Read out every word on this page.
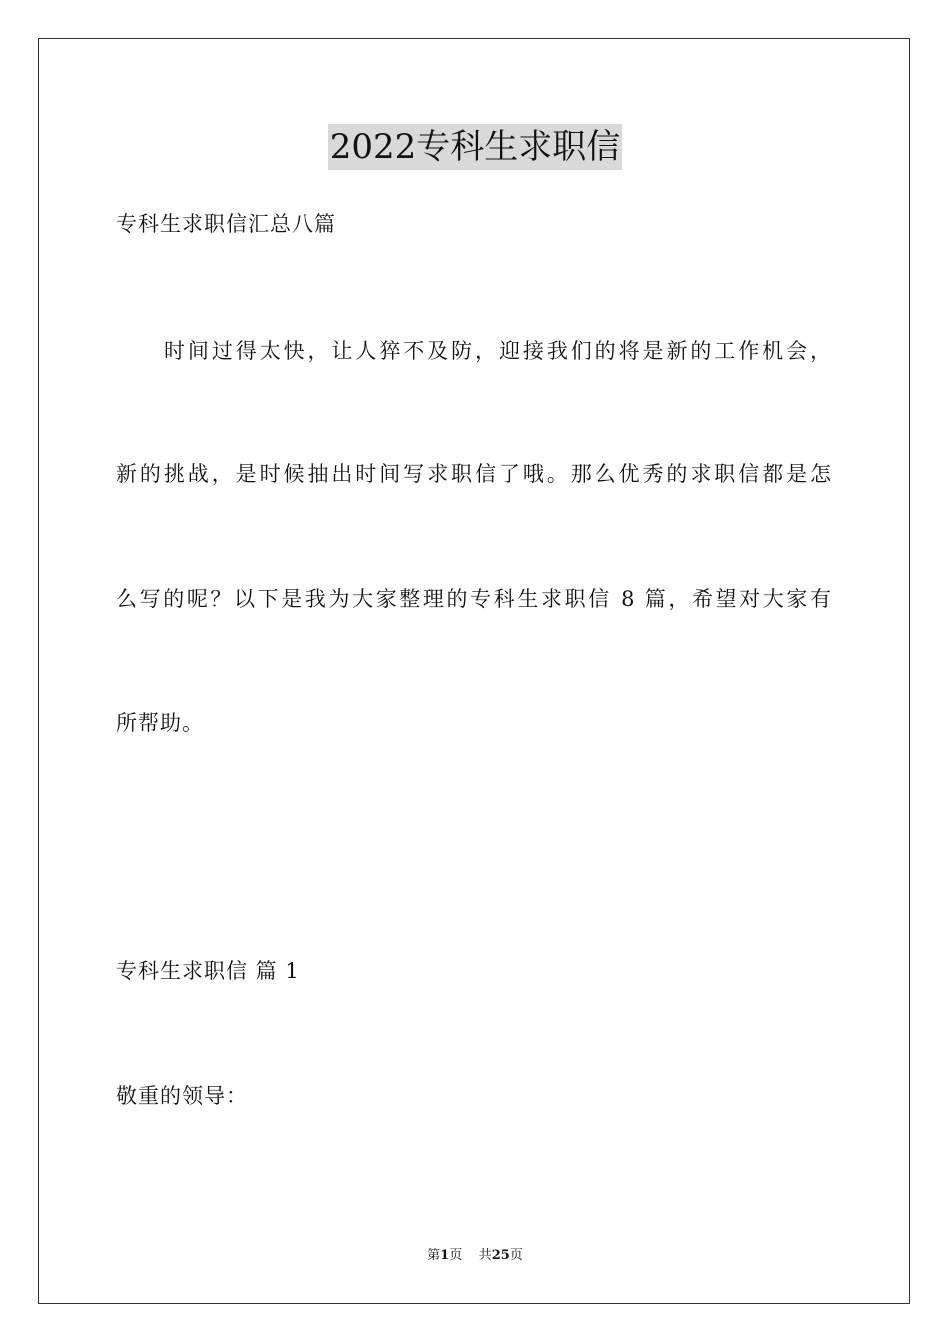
2022专科生求职信
专科生求职信汇总八篇
时间过得太快，让人猝不及防，迎接我们的将是新的工作机会，
新的挑战，是时候抽出时间写求职信了哦。那么优秀的求职信都是怎
么写的呢？以下是我为大家整理的专科生求职信 8 篇，希望对大家有
所帮助。
专科生求职信 篇 1
敬重的领导：
第1页 共25页
